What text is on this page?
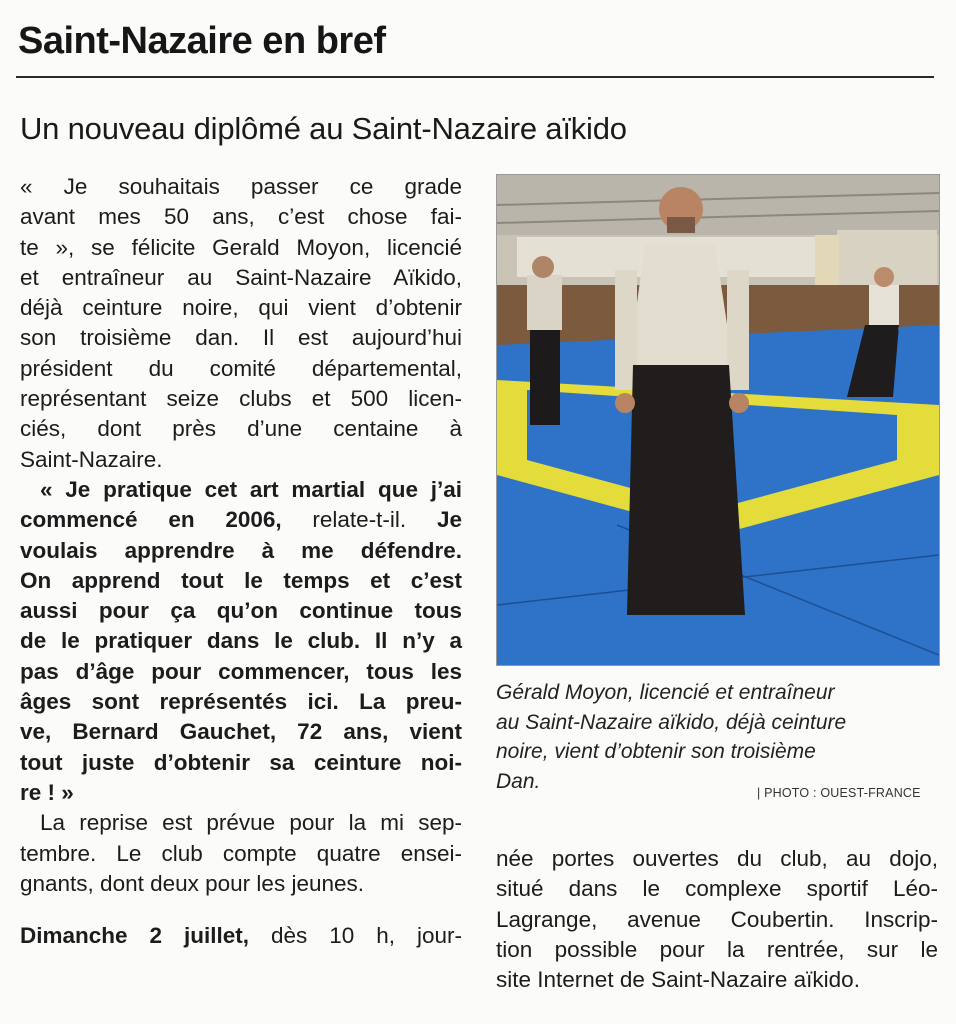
Saint-Nazaire en bref
Un nouveau diplômé au Saint-Nazaire aïkido

« Je souhaitais passer ce grade
avant mes 50 ans, c’est chose fai-
te », se félicite Gerald Moyon, licencié
et entraîneur au Saint-Nazaire Aïkido,
déjà ceinture noire, qui vient d’obtenir
son troisième dan. Il est aujourd’hui
président du comité départemental,
représentant seize clubs et 500 licen-
ciés, dont près d’une centaine à
Saint-Nazaire.

« Je pratique cet art martial que j’ai
commencé en 2006, relate-t-il. Je
voulais apprendre à me défendre.
On apprend tout le temps et c’est
aussi pour ça qu’on continue tous
de le pratiquer dans le club. Il n’y a
pas d’âge pour commencer, tous les
âges sont représentés ici. La preu-
ve, Bernard Gauchet, 72 ans, vient
tout juste d’obtenir sa ceinture noi-
re ! »

La reprise est prévue pour la mi sep-
tembre. Le club compte quatre ensei-
gnants, dont deux pour les jeunes.

Dimanche 2 juillet, dès 10 h, jour-

Gérald Moyon, licencié et entraîneur
au Saint-Nazaire aïkido, déjà ceinture
noire, vient d’obtenir son troisième
Dan.
| PHOTO : OUEST-FRANCE

née portes ouvertes du club, au dojo,
situé dans le complexe sportif Léo-
Lagrange, avenue Coubertin. Inscrip-
tion possible pour la rentrée, sur le
site Internet de Saint-Nazaire aïkido.
